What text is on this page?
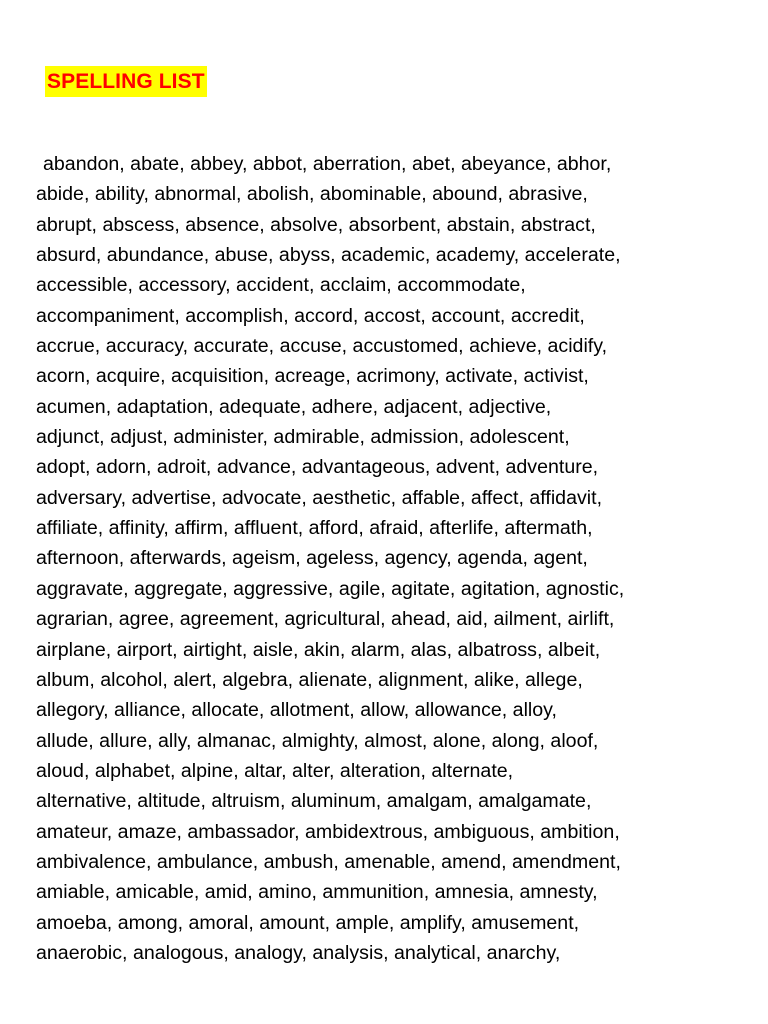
SPELLING LIST
abandon, abate, abbey, abbot, aberration, abet, abeyance, abhor,
abide, ability, abnormal, abolish, abominable, abound, abrasive,
abrupt, abscess, absence, absolve, absorbent, abstain, abstract,
absurd, abundance, abuse, abyss, academic, academy, accelerate,
accessible, accessory, accident, acclaim, accommodate,
accompaniment, accomplish, accord, accost, account, accredit,
accrue, accuracy, accurate, accuse, accustomed, achieve, acidify,
acorn, acquire, acquisition, acreage, acrimony, activate, activist,
acumen, adaptation, adequate, adhere, adjacent, adjective,
adjunct, adjust, administer, admirable, admission, adolescent,
adopt, adorn, adroit, advance, advantageous, advent, adventure,
adversary, advertise, advocate, aesthetic, affable, affect, affidavit,
affiliate, affinity, affirm, affluent, afford, afraid, afterlife, aftermath,
afternoon, afterwards, ageism, ageless, agency, agenda, agent,
aggravate, aggregate, aggressive, agile, agitate, agitation, agnostic,
agrarian, agree, agreement, agricultural, ahead, aid, ailment, airlift,
airplane, airport, airtight, aisle, akin, alarm, alas, albatross, albeit,
album, alcohol, alert, algebra, alienate, alignment, alike, allege,
allegory, alliance, allocate, allotment, allow, allowance, alloy,
allude, allure, ally, almanac, almighty, almost, alone, along, aloof,
aloud, alphabet, alpine, altar, alter, alteration, alternate,
alternative, altitude, altruism, aluminum, amalgam, amalgamate,
amateur, amaze, ambassador, ambidextrous, ambiguous, ambition,
ambivalence, ambulance, ambush, amenable, amend, amendment,
amiable, amicable, amid, amino, ammunition, amnesia, amnesty,
amoeba, among, amoral, amount, ample, amplify, amusement,
anaerobic, analogous, analogy, analysis, analytical, anarchy,
